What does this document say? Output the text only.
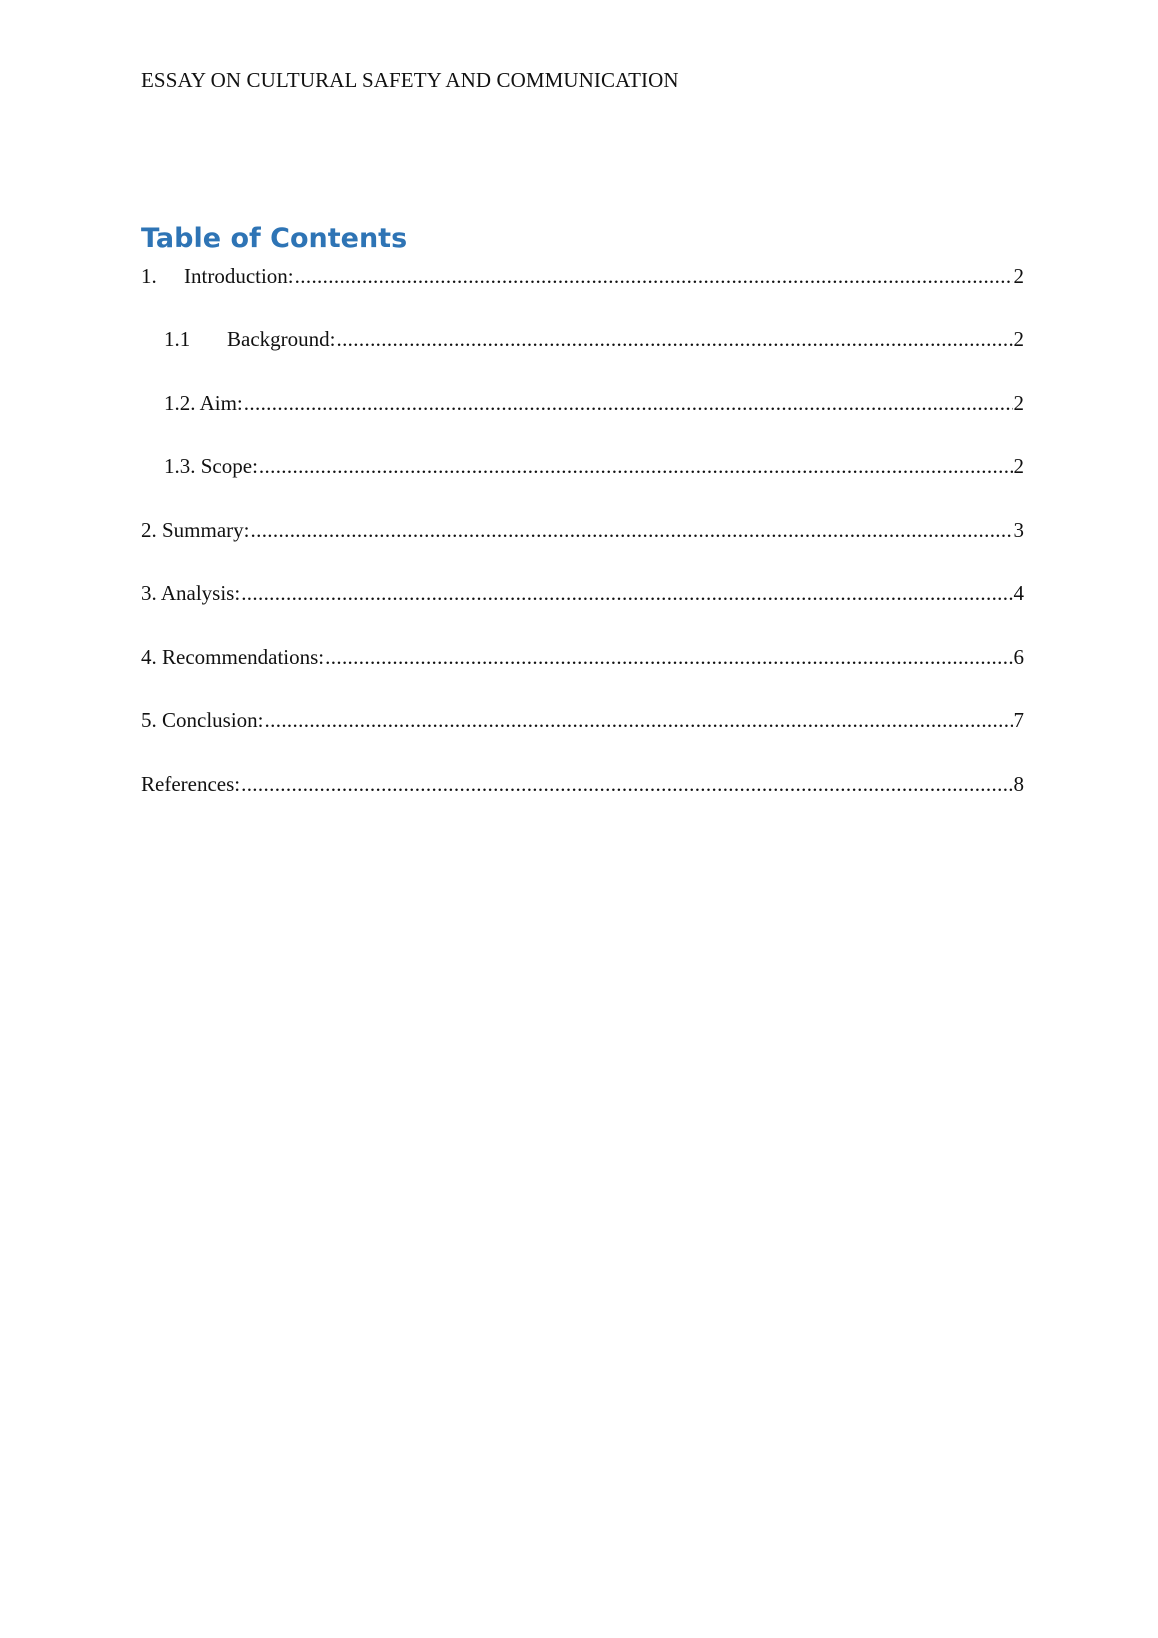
ESSAY ON CULTURAL SAFETY AND COMMUNICATION
Table of Contents
1.	Introduction: .....	2
1.1	Background: .....	2
1.2. Aim: .....	2
1.3. Scope: .....	2
2. Summary: .....	3
3. Analysis: .....	4
4. Recommendations: .....	6
5. Conclusion: .....	7
References: .....	8
